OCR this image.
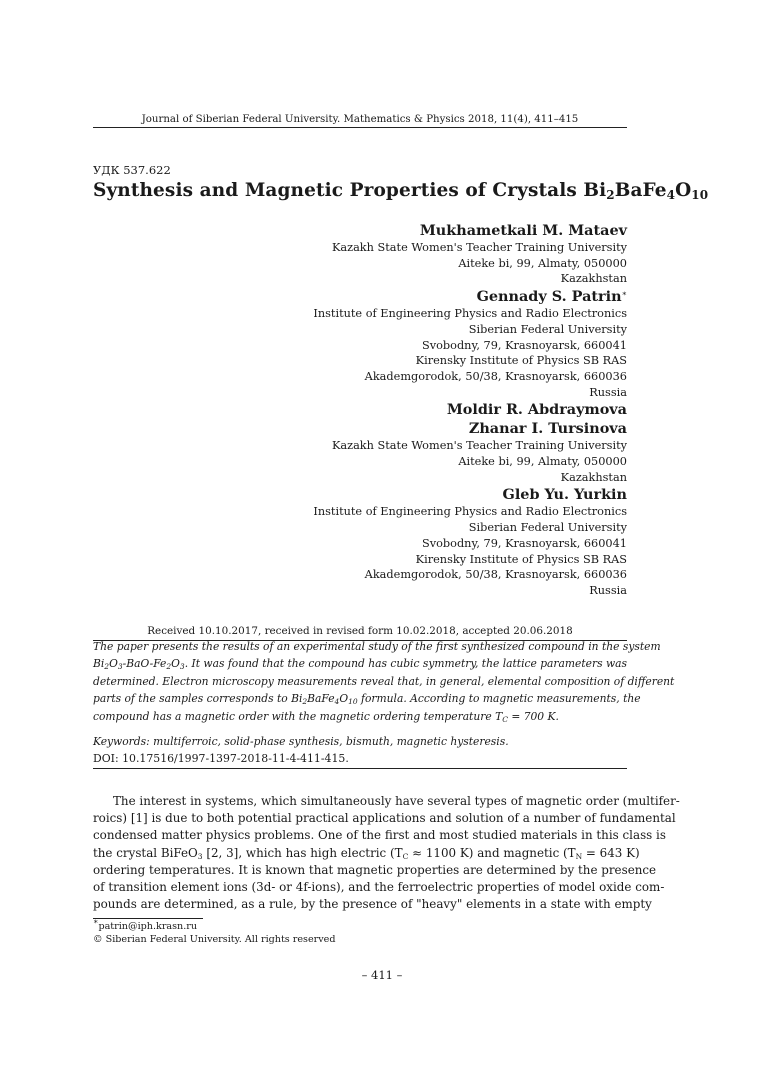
Journal of Siberian Federal University. Mathematics & Physics 2018, 11(4), 411–415
УДК 537.622
Synthesis and Magnetic Properties of Crystals $Bi_2BaFe_4O_{10}$
Mukhametkali M. Mataev
Kazakh State Women's Teacher Training University
Aiteke bi, 99, Almaty, 050000
Kazakhstan
Gennady S. Patrin∗
Institute of Engineering Physics and Radio Electronics
Siberian Federal University
Svobodny, 79, Krasnoyarsk, 660041
Kirensky Institute of Physics SB RAS
Akademgorodok, 50/38, Krasnoyarsk, 660036
Russia
Moldir R. Abdraymova
Zhanar I. Tursinova
Kazakh State Women's Teacher Training University
Aiteke bi, 99, Almaty, 050000
Kazakhstan
Gleb Yu. Yurkin
Institute of Engineering Physics and Radio Electronics
Siberian Federal University
Svobodny, 79, Krasnoyarsk, 660041
Kirensky Institute of Physics SB RAS
Akademgorodok, 50/38, Krasnoyarsk, 660036
Russia
Received 10.10.2017, received in revised form 10.02.2018, accepted 20.06.2018
The paper presents the results of an experimental study of the first synthesized compound in the system
$Bi_2O_3-BaO-Fe_2O_3$. It was found that the compound has cubic symmetry, the lattice parameters was
determined. Electron microscopy measurements reveal that, in general, elemental composition of different
parts of the samples corresponds to $Bi_2BaFe_4O_{10}$ formula. According to magnetic measurements, the
compound has a magnetic order with the magnetic ordering temperature $T_C = 700$ K.
Keywords: multiferroic, solid-phase synthesis, bismuth, magnetic hysteresis.
DOI: 10.17516/1997-1397-2018-11-4-411-415.
The interest in systems, which simultaneously have several types of magnetic order (multifer-
roics) [1] is due to both potential practical applications and solution of a number of fundamental
condensed matter physics problems. One of the first and most studied materials in this class is
the crystal BiFeO$_3$ [2, 3], which has high electric ($T_C \approx 1100$ K) and magnetic ($T_N = 643$ K)
ordering temperatures. It is known that magnetic properties are determined by the presence
of transition element ions (3d- or 4f-ions), and the ferroelectric properties of model oxide com-
pounds are determined, as a rule, by the presence of "heavy" elements in a state with empty
∗patrin@iph.krasn.ru
© Siberian Federal University. All rights reserved
– 411 –
